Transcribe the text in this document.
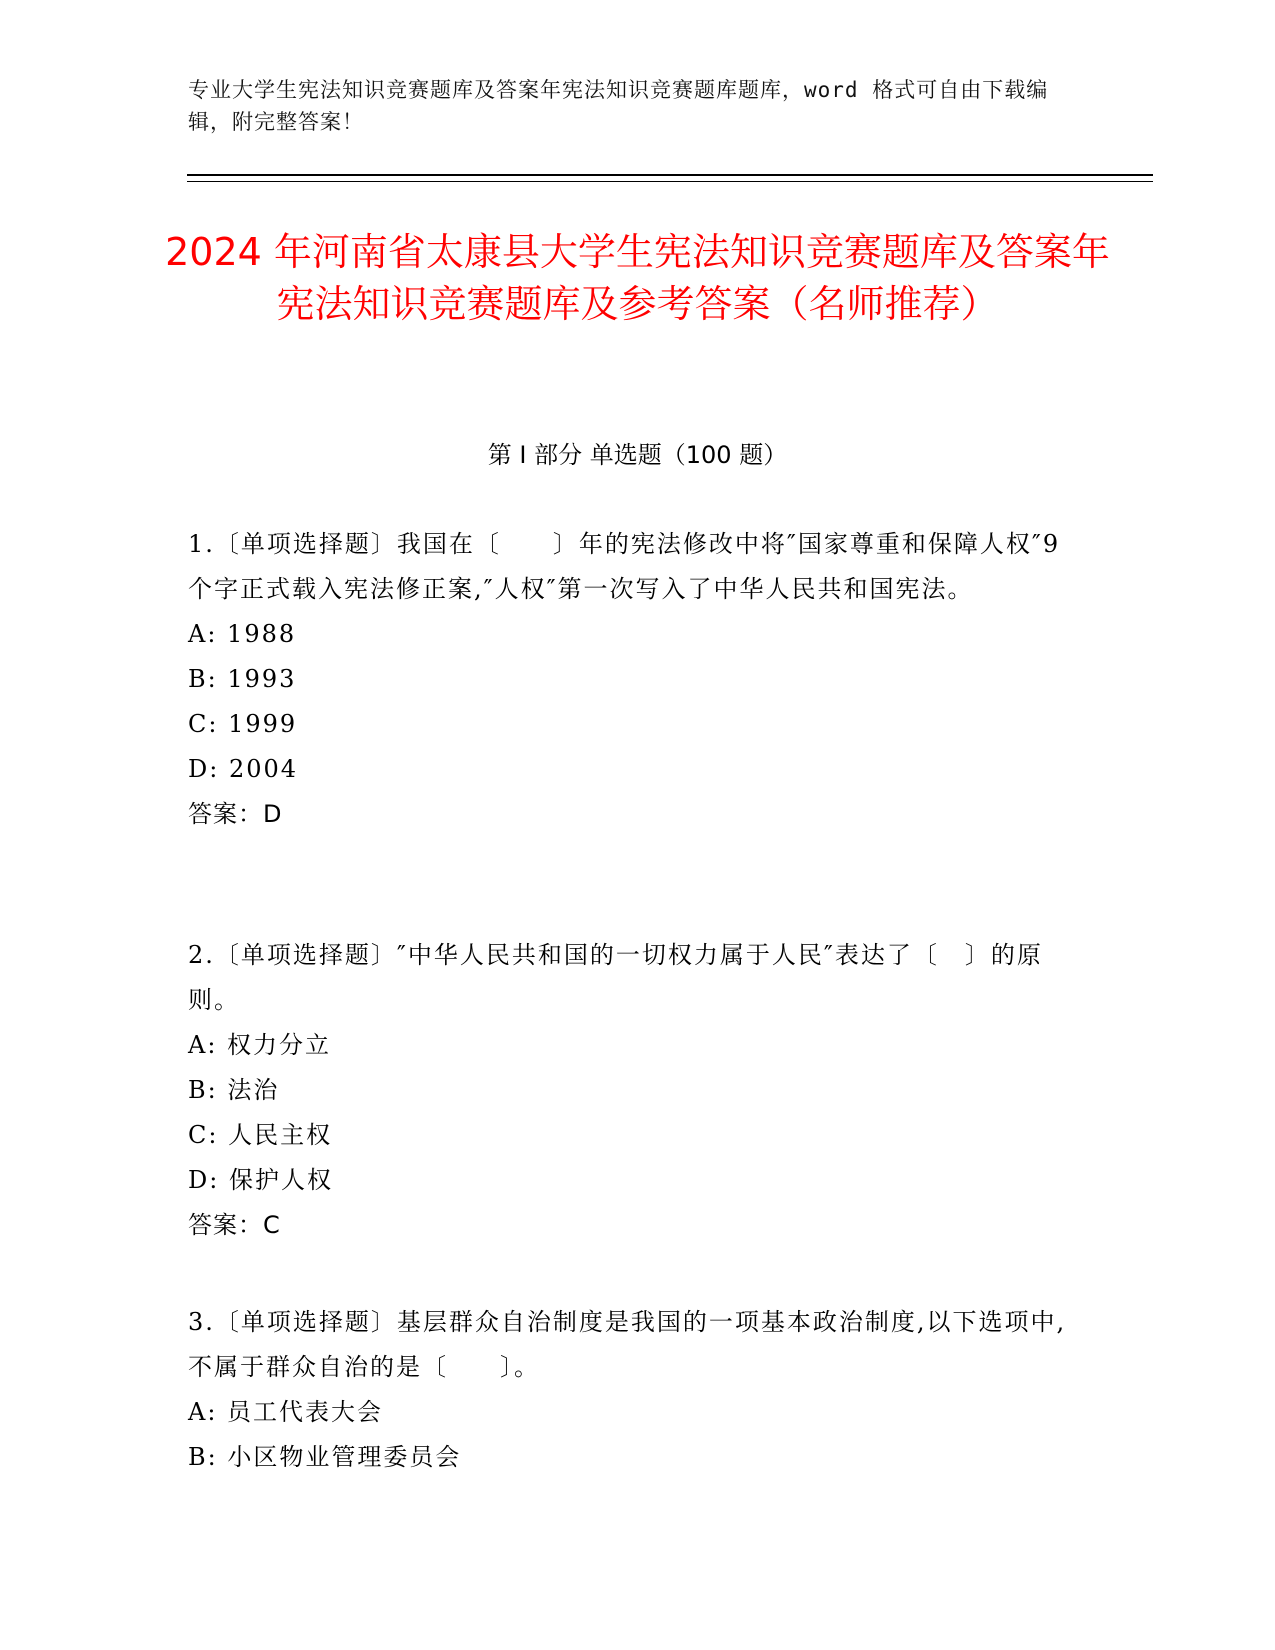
专业大学生宪法知识竞赛题库及答案年宪法知识竞赛题库题库，word 格式可自由下载编辑，附完整答案！
2024 年河南省太康县大学生宪法知识竞赛题库及答案年宪法知识竞赛题库及参考答案（名师推荐）
第 I 部分 单选题（100 题）

1.〔单项选择题〕我国在〔　　〕年的宪法修改中将″国家尊重和保障人权″9 个字正式载入宪法修正案,″人权″第一次写入了中华人民共和国宪法。

A: 1988

B: 1993

C: 1999

D: 2004

答案：D

2.〔单项选择题〕″中华人民共和国的一切权力属于人民″表达了〔　〕的原则。

A: 权力分立

B: 法治

C: 人民主权

D: 保护人权

答案：C

3.〔单项选择题〕基层群众自治制度是我国的一项基本政治制度,以下选项中,不属于群众自治的是〔　　〕。

A: 员工代表大会

B: 小区物业管理委员会
